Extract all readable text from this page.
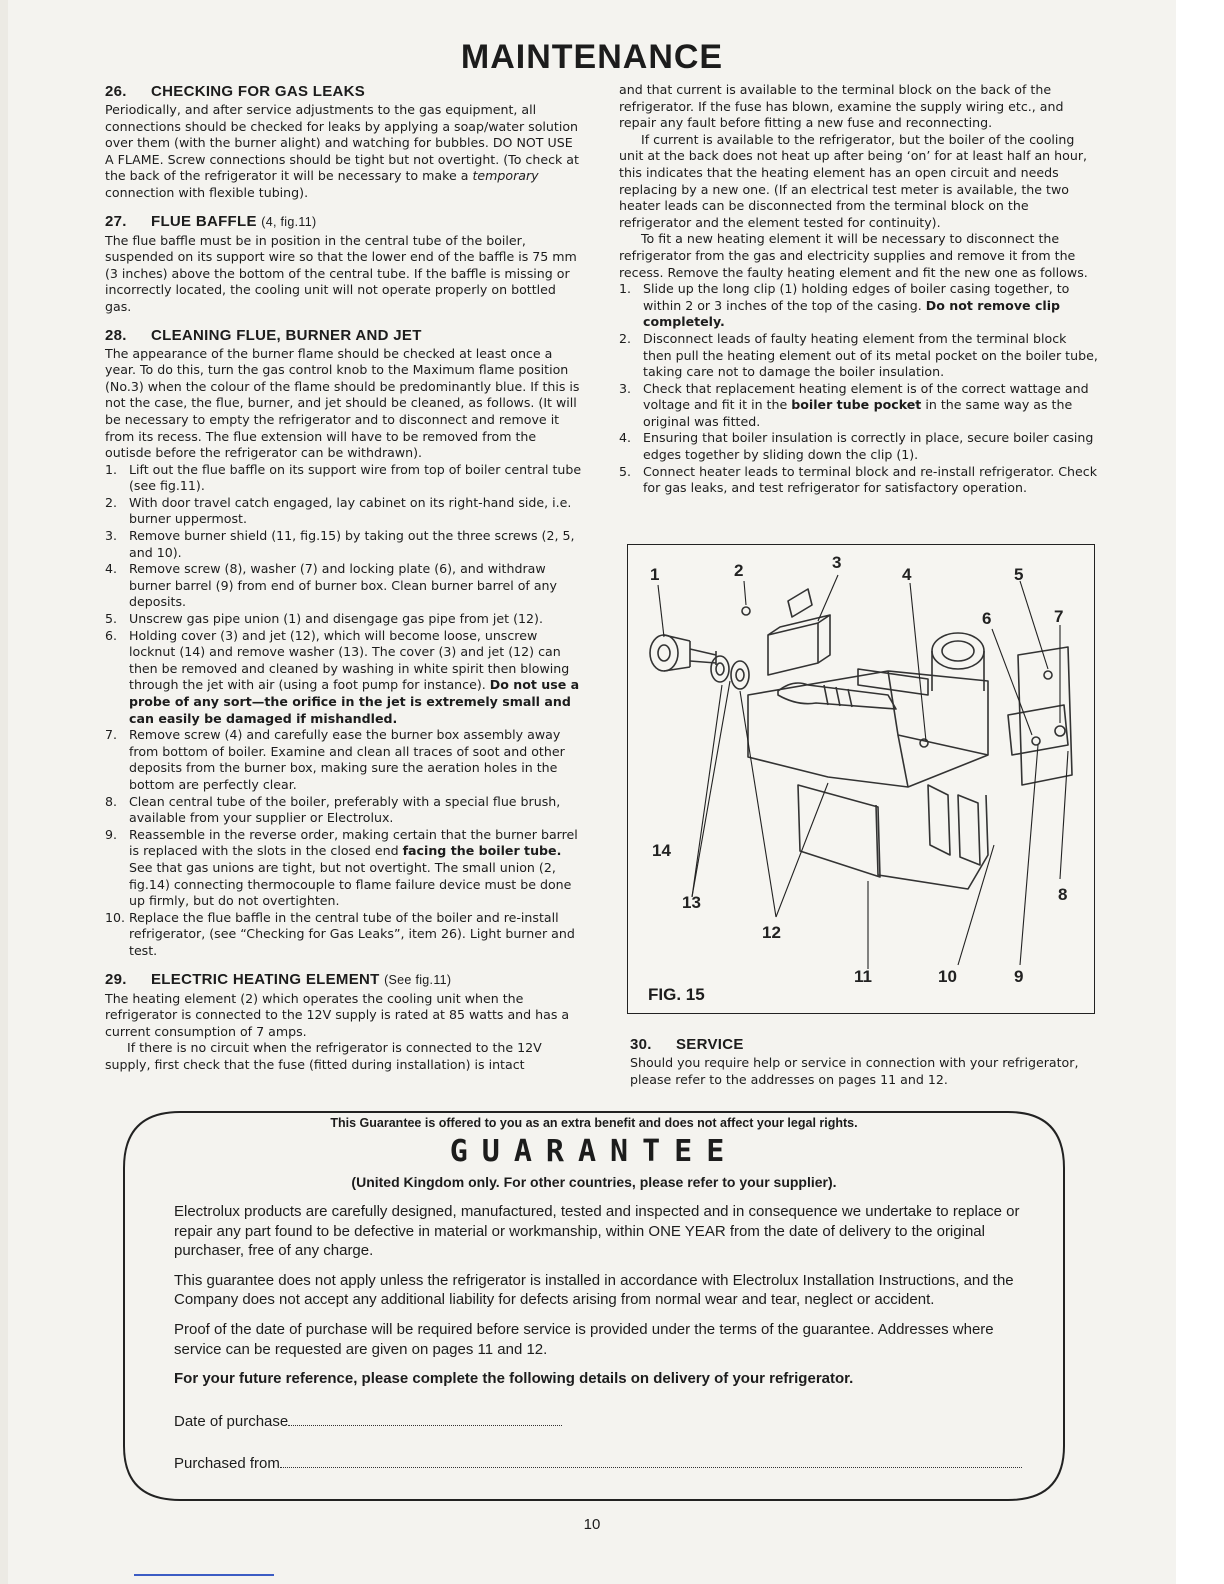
MAINTENANCE
26. CHECKING FOR GAS LEAKS

Periodically, and after service adjustments to the gas equipment, all connections should be checked for leaks by applying a soap/water solution over them (with the burner alight) and watching for bubbles. DO NOT USE A FLAME. Screw connections should be tight but not overtight. (To check at the back of the refrigerator it will be necessary to make a temporary connection with flexible tubing).

27. FLUE BAFFLE (4, fig.11)

The flue baffle must be in position in the central tube of the boiler, suspended on its support wire so that the lower end of the baffle is 75 mm (3 inches) above the bottom of the central tube. If the baffle is missing or incorrectly located, the cooling unit will not operate properly on bottled gas.

28. CLEANING FLUE, BURNER AND JET

The appearance of the burner flame should be checked at least once a year. To do this, turn the gas control knob to the Maximum flame position (No.3) when the colour of the flame should be predominantly blue. If this is not the case, the flue, burner, and jet should be cleaned, as follows. (It will be necessary to empty the refrigerator and to disconnect and remove it from its recess. The flue extension will have to be removed from the outisde before the refrigerator can be withdrawn).

1. Lift out the flue baffle on its support wire from top of boiler central tube (see fig.11).
2. With door travel catch engaged, lay cabinet on its right-hand side, i.e. burner uppermost.
3. Remove burner shield (11, fig.15) by taking out the three screws (2, 5, and 10).
4. Remove screw (8), washer (7) and locking plate (6), and withdraw burner barrel (9) from end of burner box. Clean burner barrel of any deposits.
5. Unscrew gas pipe union (1) and disengage gas pipe from jet (12).
6. Holding cover (3) and jet (12), which will become loose, unscrew locknut (14) and remove washer (13). The cover (3) and jet (12) can then be removed and cleaned by washing in white spirit then blowing through the jet with air (using a foot pump for instance). Do not use a probe of any sort—the orifice in the jet is extremely small and can easily be damaged if mishandled.
7. Remove screw (4) and carefully ease the burner box assembly away from bottom of boiler. Examine and clean all traces of soot and other deposits from the burner box, making sure the aeration holes in the bottom are perfectly clear.
8. Clean central tube of the boiler, preferably with a special flue brush, available from your supplier or Electrolux.
9. Reassemble in the reverse order, making certain that the burner barrel is replaced with the slots in the closed end facing the boiler tube. See that gas unions are tight, but not overtight. The small union (2, fig.14) connecting thermocouple to flame failure device must be done up firmly, but do not overtighten.
10. Replace the flue baffle in the central tube of the boiler and re-install refrigerator, (see “Checking for Gas Leaks”, item 26). Light burner and test.
29. ELECTRIC HEATING ELEMENT (See fig.11)

The heating element (2) which operates the cooling unit when the refrigerator is connected to the 12V supply is rated at 85 watts and has a current consumption of 7 amps.

If there is no circuit when the refrigerator is connected to the 12V supply, first check that the fuse (fitted during installation) is intact

and that current is available to the terminal block on the back of the refrigerator. If the fuse has blown, examine the supply wiring etc., and repair any fault before fitting a new fuse and reconnecting.

If current is available to the refrigerator, but the boiler of the cooling unit at the back does not heat up after being ‘on’ for at least half an hour, this indicates that the heating element has an open circuit and needs replacing by a new one. (If an electrical test meter is available, the two heater leads can be disconnected from the terminal block on the refrigerator and the element tested for continuity).

To fit a new heating element it will be necessary to disconnect the refrigerator from the gas and electricity supplies and remove it from the recess. Remove the faulty heating element and fit the new one as follows.

1. Slide up the long clip (1) holding edges of boiler casing together, to within 2 or 3 inches of the top of the casing. Do not remove clip completely.
2. Disconnect leads of faulty heating element from the terminal block then pull the heating element out of its metal pocket on the boiler tube, taking care not to damage the boiler insulation.
3. Check that replacement heating element is of the correct wattage and voltage and fit it in the boiler tube pocket in the same way as the original was fitted.
4. Ensuring that boiler insulation is correctly in place, secure boiler casing edges together by sliding down the clip (1).
5. Connect heater leads to terminal block and re-install refrigerator. Check for gas leaks, and test refrigerator for satisfactory operation.
1	2	3
4	5
6	7
8
9
10
11
12
13
14
FIG. 15
30. SERVICE

Should you require help or service in connection with your refrigerator, please refer to the addresses on pages 11 and 12.

This Guarantee is offered to you as an extra benefit and does not affect your legal rights.
GUARANTEE
(United Kingdom only. For other countries, please refer to your supplier).

Electrolux products are carefully designed, manufactured, tested and inspected and in consequence we undertake to replace or repair any part found to be defective in material or workmanship, within ONE YEAR from the date of delivery to the original purchaser, free of any charge.

This guarantee does not apply unless the refrigerator is installed in accordance with Electrolux Installation Instructions, and the Company does not accept any additional liability for defects arising from normal wear and tear, neglect or accident.

Proof of the date of purchase will be required before service is provided under the terms of the guarantee. Addresses where service can be requested are given on pages 11 and 12.

For your future reference, please complete the following details on delivery of your refrigerator.

Date of purchase
Purchased from
10
